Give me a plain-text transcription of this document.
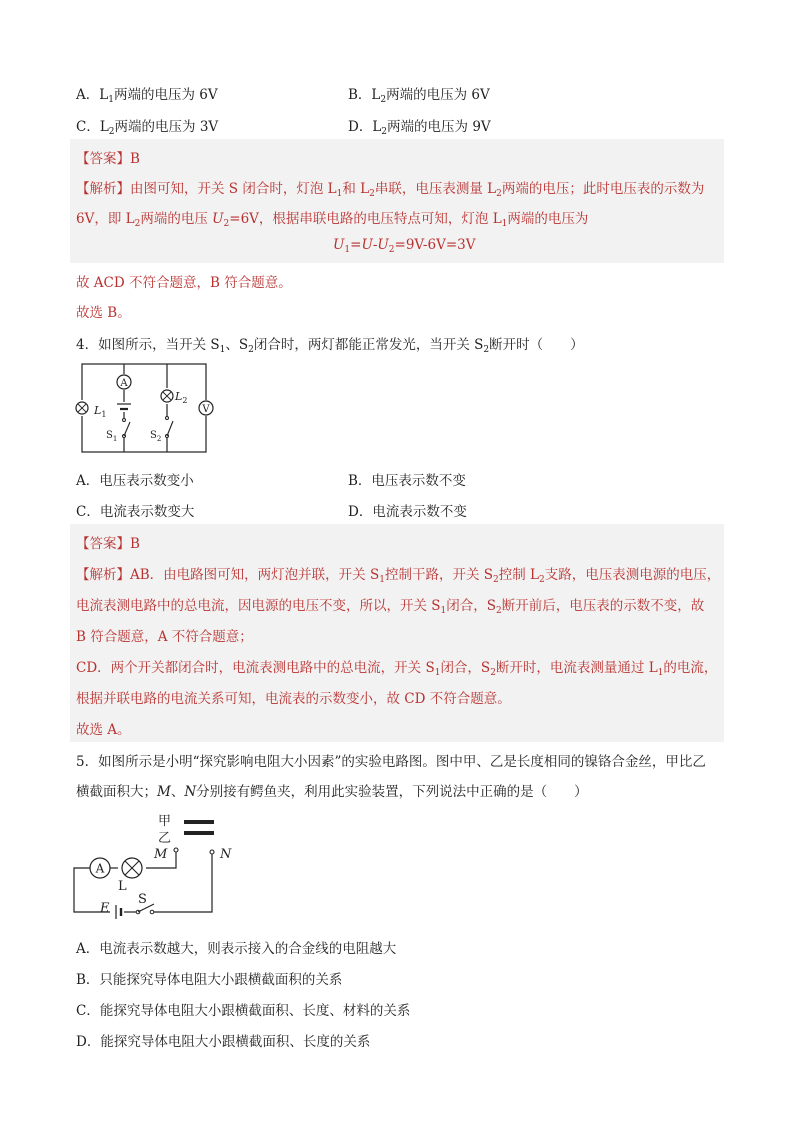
A．$L_1$两端的电压为 6V	B．$L_2$两端的电压为 6V
C．$L_2$两端的电压为 3V	D．$L_2$两端的电压为 9V
【答案】B
【解析】由图可知，开关 S 闭合时，灯泡 $L_1$和 $L_2$串联，电压表测量 $L_2$两端的电压；此时电压表的示数为
6V，即 $L_2$两端的电压 $U_2=6V$，根据串联电路的电压特点可知，灯泡 $L_1$两端的电压为
$U_1=U-U_2=9V-6V=3V$
故 ACD 不符合题意，B 符合题意。
故选 B。
4．如图所示，当开关 $S_1$、$S_2$闭合时，两灯都能正常发光，当开关 $S_2$断开时（　　）
A
V
$L_1$
$L_2$
$S_1$	$S_2$
A．电压表示数变小	B．电压表示数不变
C．电流表示数变大	D．电流表示数不变
【答案】B
【解析】AB．由电路图可知，两灯泡并联，开关 $S_1$控制干路，开关 $S_2$控制 $L_2$支路，电压表测电源的电压，
电流表测电路中的总电流，因电源的电压不变，所以，开关 $S_1$闭合，$S_2$断开前后，电压表的示数不变，故
B 符合题意，A 不符合题意；
CD．两个开关都闭合时，电流表测电路中的总电流，开关 $S_1$闭合，$S_2$断开时，电流表测量通过 $L_1$的电流，
根据并联电路的电流关系可知，电流表的示数变小，故 CD 不符合题意。
故选 A。
5．如图所示是小明“探究影响电阻大小因素”的实验电路图。图中甲、乙是长度相同的镍铬合金丝，甲比乙
横截面积大；M、N分别接有鳄鱼夹，利用此实验装置，下列说法中正确的是（　　）
甲
乙
M	N
A
L
E
S
A．电流表示数越大，则表示接入的合金线的电阻越大
B．只能探究导体电阻大小跟横截面积的关系
C．能探究导体电阻大小跟横截面积、长度、材料的关系
D．能探究导体电阻大小跟横截面积、长度的关系
